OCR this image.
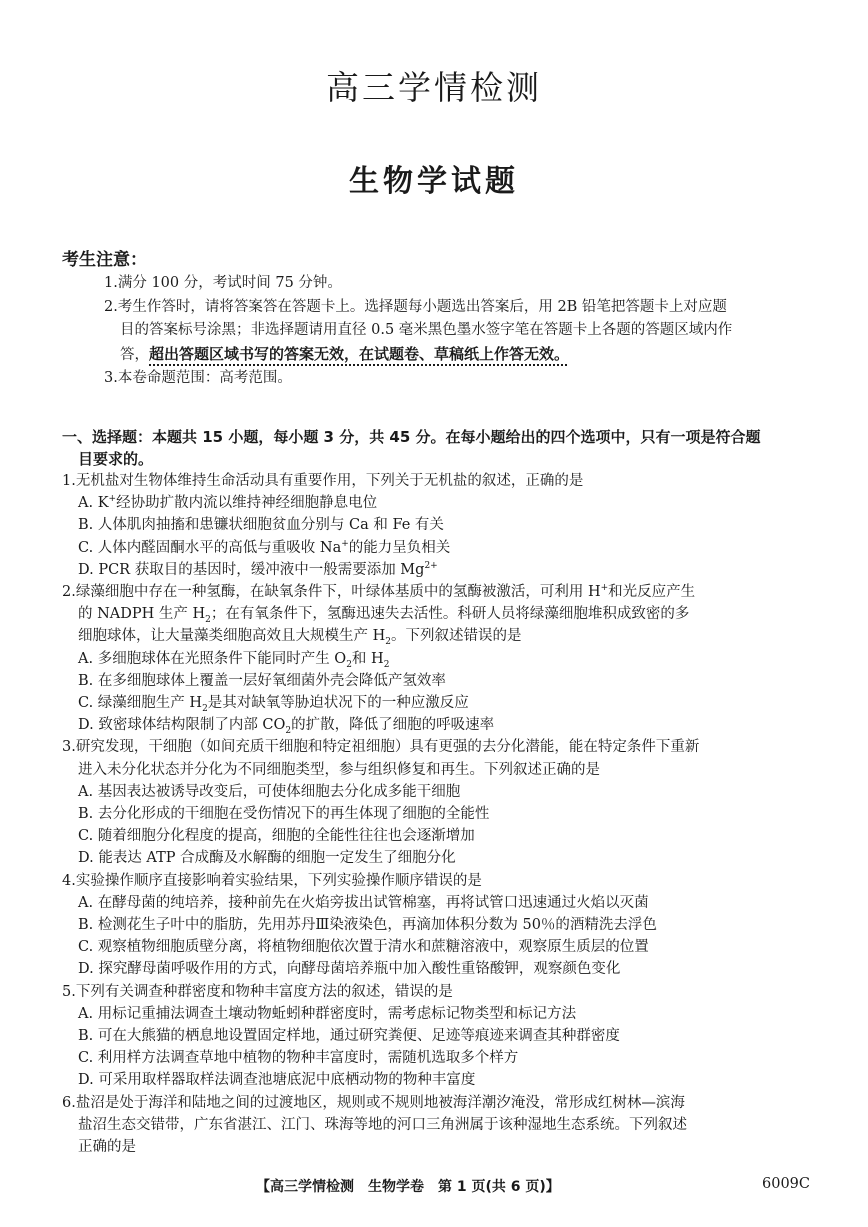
高三学情检测
生物学试题
考生注意：
1.满分 100 分，考试时间 75 分钟。
2.考生作答时，请将答案答在答题卡上。选择题每小题选出答案后，用 2B 铅笔把答题卡上对应题
目的答案标号涂黑；非选择题请用直径 0.5 毫米黑色墨水签字笔在答题卡上各题的答题区域内作
答，超出答题区域书写的答案无效，在试题卷、草稿纸上作答无效。
3.本卷命题范围：高考范围。
一、选择题：本题共 15 小题，每小题 3 分，共 45 分。在每小题给出的四个选项中，只有一项是符合题
目要求的。
1.无机盐对生物体维持生命活动具有重要作用，下列关于无机盐的叙述，正确的是
A. K+经协助扩散内流以维持神经细胞静息电位
B. 人体肌肉抽搐和患镰状细胞贫血分别与 Ca 和 Fe 有关
C. 人体内醛固酮水平的高低与重吸收 Na+的能力呈负相关
D. PCR 获取目的基因时，缓冲液中一般需要添加 $Mg^{2+}$
2.绿藻细胞中存在一种氢酶，在缺氧条件下，叶绿体基质中的氢酶被激活，可利用 H+和光反应产生
的 NADPH 生产 $H_2$；在有氧条件下，氢酶迅速失去活性。科研人员将绿藻细胞堆积成致密的多
细胞球体，让大量藻类细胞高效且大规模生产 $H_2$。下列叙述错误的是
A. 多细胞球体在光照条件下能同时产生 $O_2$和 $H_2$
B. 在多细胞球体上覆盖一层好氧细菌外壳会降低产氢效率
C. 绿藻细胞生产 $H_2$是其对缺氧等胁迫状况下的一种应激反应
D. 致密球体结构限制了内部 $CO_2$的扩散，降低了细胞的呼吸速率
3.研究发现，干细胞（如间充质干细胞和特定祖细胞）具有更强的去分化潜能，能在特定条件下重新
进入未分化状态并分化为不同细胞类型，参与组织修复和再生。下列叙述正确的是
A. 基因表达被诱导改变后，可使体细胞去分化成多能干细胞
B. 去分化形成的干细胞在受伤情况下的再生体现了细胞的全能性
C. 随着细胞分化程度的提高，细胞的全能性往往也会逐渐增加
D. 能表达 ATP 合成酶及水解酶的细胞一定发生了细胞分化
4.实验操作顺序直接影响着实验结果，下列实验操作顺序错误的是
A. 在酵母菌的纯培养，接种前先在火焰旁拔出试管棉塞，再将试管口迅速通过火焰以灭菌
B. 检测花生子叶中的脂肪，先用苏丹Ⅲ染液染色，再滴加体积分数为 50％的酒精洗去浮色
C. 观察植物细胞质壁分离，将植物细胞依次置于清水和蔗糖溶液中，观察原生质层的位置
D. 探究酵母菌呼吸作用的方式，向酵母菌培养瓶中加入酸性重铬酸钾，观察颜色变化
5.下列有关调查种群密度和物种丰富度方法的叙述，错误的是
A. 用标记重捕法调查土壤动物蚯蚓种群密度时，需考虑标记物类型和标记方法
B. 可在大熊猫的栖息地设置固定样地，通过研究粪便、足迹等痕迹来调查其种群密度
C. 利用样方法调查草地中植物的物种丰富度时，需随机选取多个样方
D. 可采用取样器取样法调查池塘底泥中底栖动物的物种丰富度
6.盐沼是处于海洋和陆地之间的过渡地区，规则或不规则地被海洋潮汐淹没，常形成红树林—滨海
盐沼生态交错带，广东省湛江、江门、珠海等地的河口三角洲属于该种湿地生态系统。下列叙述
正确的是
【高三学情检测　生物学卷　第 1 页(共 6 页)】	6009C
